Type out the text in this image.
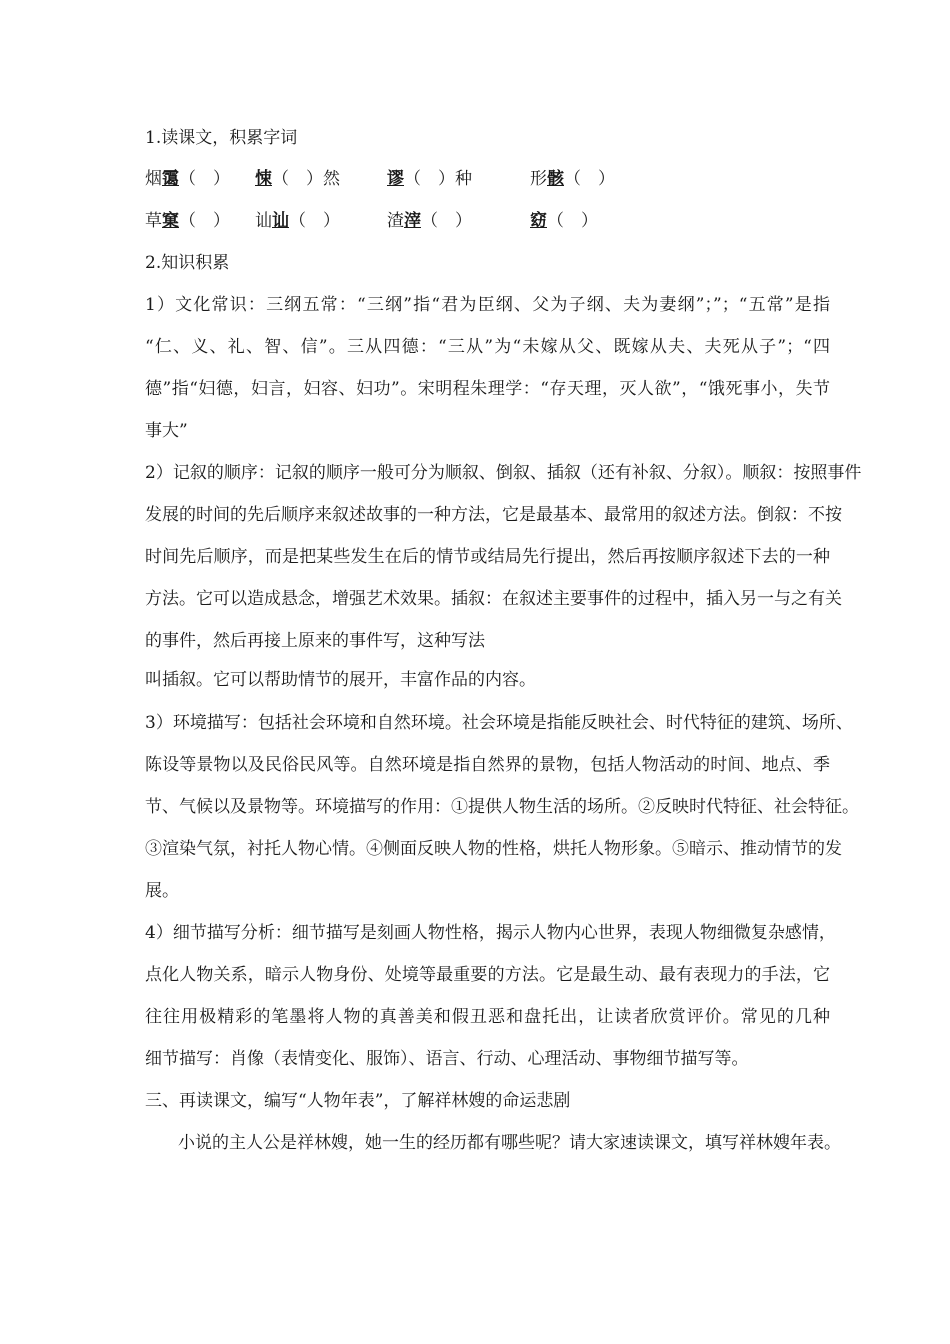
1.读课文，积累字词
烟霭（　） 悚（　）然	谬（　）种	形骸（　）
草窠（　） 讪讪（　）	渣滓（　）	窈（　）
2.知识积累
1）文化常识：三纲五常：“三纲”指“君为臣纲、父为子纲、夫为妻纲”；”；“五常”是指
“仁、义、礼、智、信”。三从四德：“三从”为“未嫁从父、既嫁从夫、夫死从子”；“四
德”指“妇德，妇言，妇容、妇功”。宋明程朱理学：“存天理，灭人欲”，“饿死事小，失节
事大”
2）记叙的顺序：记叙的顺序一般可分为顺叙、倒叙、插叙（还有补叙、分叙）。顺叙：按照事件
发展的时间的先后顺序来叙述故事的一种方法，它是最基本、最常用的叙述方法。倒叙：不按
时间先后顺序，而是把某些发生在后的情节或结局先行提出，然后再按顺序叙述下去的一种
方法。它可以造成悬念，增强艺术效果。插叙：在叙述主要事件的过程中，插入另一与之有关
的事件，然后再接上原来的事件写，这种写法
叫插叙。它可以帮助情节的展开，丰富作品的内容。
3）环境描写：包括社会环境和自然环境。社会环境是指能反映社会、时代特征的建筑、场所、
陈设等景物以及民俗民风等。自然环境是指自然界的景物，包括人物活动的时间、地点、季
节、气候以及景物等。环境描写的作用：①提供人物生活的场所。②反映时代特征、社会特征。
③渲染气氛，衬托人物心情。④侧面反映人物的性格，烘托人物形象。⑤暗示、推动情节的发
展。
4）细节描写分析：细节描写是刻画人物性格，揭示人物内心世界，表现人物细微复杂感情，
点化人物关系，暗示人物身份、处境等最重要的方法。它是最生动、最有表现力的手法，它
往往用极精彩的笔墨将人物的真善美和假丑恶和盘托出，让读者欣赏评价。常见的几种
细节描写：肖像（表情变化、服饰）、语言、行动、心理活动、事物细节描写等。
三、再读课文，编写“人物年表”，了解祥林嫂的命运悲剧
小说的主人公是祥林嫂，她一生的经历都有哪些呢？请大家速读课文，填写祥林嫂年表。
